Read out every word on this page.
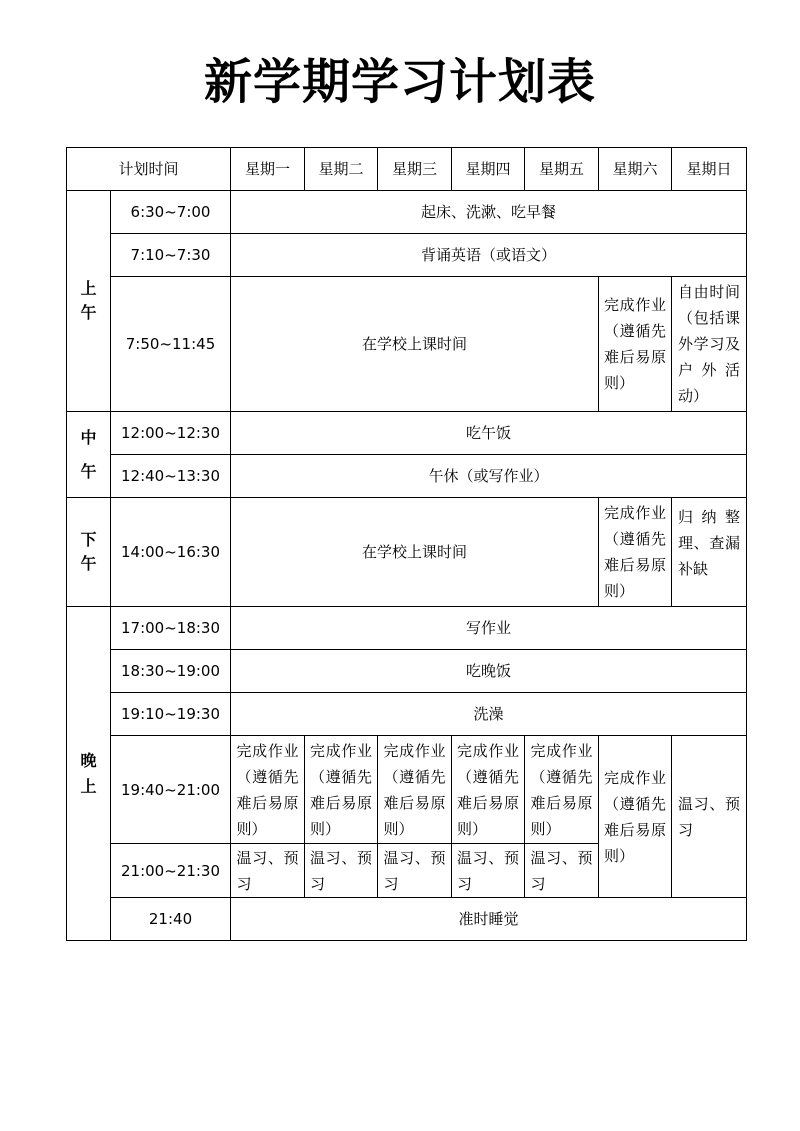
新学期学习计划表
计划时间		星期一	星期二	星期三	星期四	星期五	星期六	星期日

上午	6:30~7:00	起床、洗漱、吃早餐						
	7:10~7:30	背诵英语（或语文）						
	7:50~11:45	在学校上课时间					完成作业（遵循先难后易原则）	自由时间（包括课外学习及户外活动）

中午	12:00~12:30	吃午饭						
	12:40~13:30	午休（或写作业）						

下午	14:00~16:30	在学校上课时间					完成作业（遵循先难后易原则）	归纳整理、查漏补缺

晚上	17:00~18:30	写作业						
	18:30~19:00	吃晚饭						
	19:10~19:30	洗澡						
	19:40~21:00	完成作业（遵循先难后易原则）	完成作业（遵循先难后易原则）	完成作业（遵循先难后易原则）	完成作业（遵循先难后易原则）	完成作业（遵循先难后易原则）	完成作业（遵循先难后易原则）	温习、预习
	21:00~21:30	温习、预习	温习、预习	温习、预习	温习、预习	温习、预习		
	21:40	准时睡觉						
